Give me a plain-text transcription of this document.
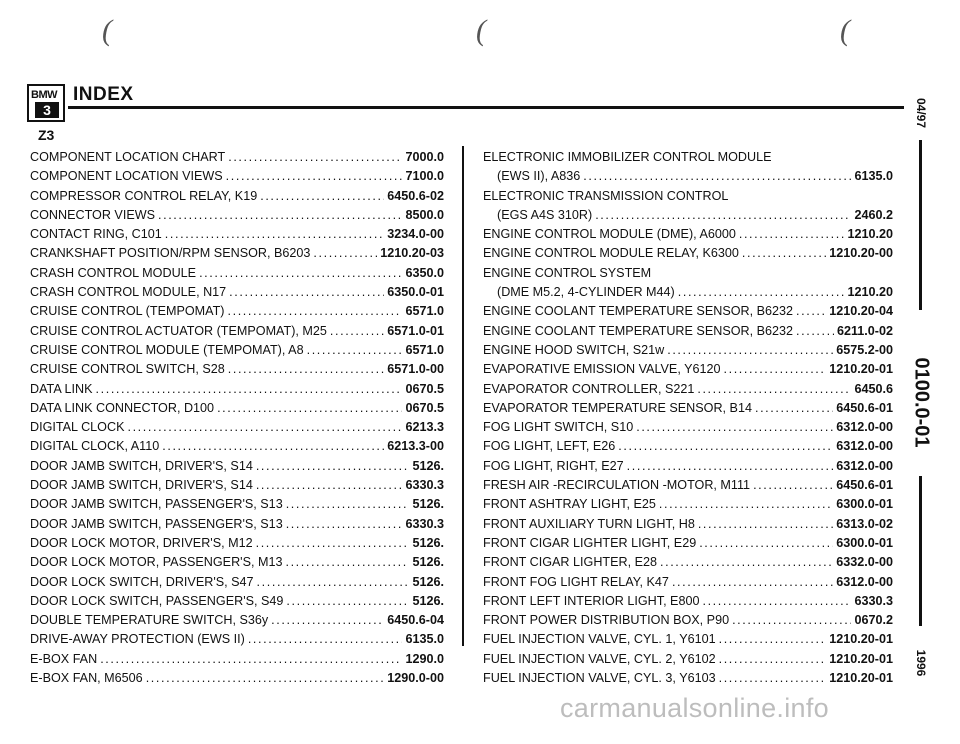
(	(	(
BMW
3
INDEX
Z3
COMPONENT LOCATION CHART .....	7000.0
COMPONENT LOCATION VIEWS .....	7100.0
COMPRESSOR CONTROL RELAY, K19 .....	6450.6-02
CONNECTOR VIEWS .....	8500.0
CONTACT RING, C101 .....	3234.0-00
CRANKSHAFT POSITION/RPM SENSOR, B6203 .....	1210.20-03
CRASH CONTROL MODULE .....	6350.0
CRASH CONTROL MODULE, N17 .....	6350.0-01
CRUISE CONTROL (TEMPOMAT) .....	6571.0
CRUISE CONTROL ACTUATOR (TEMPOMAT), M25 .....	6571.0-01
CRUISE CONTROL MODULE (TEMPOMAT), A8 .....	6571.0
CRUISE CONTROL SWITCH, S28 .....	6571.0-00
DATA LINK .....	0670.5
DATA LINK CONNECTOR, D100 .....	0670.5
DIGITAL CLOCK .....	6213.3
DIGITAL CLOCK, A110 .....	6213.3-00
DOOR JAMB SWITCH, DRIVER'S, S14 .....	5126.
DOOR JAMB SWITCH, DRIVER'S, S14 .....	6330.3
DOOR JAMB SWITCH, PASSENGER'S, S13 .....	5126.
DOOR JAMB SWITCH, PASSENGER'S, S13 .....	6330.3
DOOR LOCK MOTOR, DRIVER'S, M12 .....	5126.
DOOR LOCK MOTOR, PASSENGER'S, M13 .....	5126.
DOOR LOCK SWITCH, DRIVER'S, S47 .....	5126.
DOOR LOCK SWITCH, PASSENGER'S, S49 .....	5126.
DOUBLE TEMPERATURE SWITCH, S36y .....	6450.6-04
DRIVE-AWAY PROTECTION (EWS II) .....	6135.0
E-BOX FAN .....	1290.0
E-BOX FAN, M6506 .....	1290.0-00
ELECTRONIC IMMOBILIZER CONTROL MODULE
(EWS II), A836 .....	6135.0
ELECTRONIC TRANSMISSION CONTROL
(EGS A4S 310R) .....	2460.2
ENGINE CONTROL MODULE (DME), A6000 .....	1210.20
ENGINE CONTROL MODULE RELAY, K6300 .....	1210.20-00
ENGINE CONTROL SYSTEM
(DME M5.2, 4-CYLINDER M44) .....	1210.20
ENGINE COOLANT TEMPERATURE SENSOR, B6232 .....	1210.20-04
ENGINE COOLANT TEMPERATURE SENSOR, B6232 .....	6211.0-02
ENGINE HOOD SWITCH, S21w .....	6575.2-00
EVAPORATIVE EMISSION VALVE, Y6120 .....	1210.20-01
EVAPORATOR CONTROLLER, S221 .....	6450.6
EVAPORATOR TEMPERATURE SENSOR, B14 .....	6450.6-01
FOG LIGHT SWITCH, S10 .....	6312.0-00
FOG LIGHT, LEFT, E26 .....	6312.0-00
FOG LIGHT, RIGHT, E27 .....	6312.0-00
FRESH AIR -RECIRCULATION -MOTOR, M111 .....	6450.6-01
FRONT ASHTRAY LIGHT, E25 .....	6300.0-01
FRONT AUXILIARY TURN LIGHT, H8 .....	6313.0-02
FRONT CIGAR LIGHTER LIGHT, E29 .....	6300.0-01
FRONT CIGAR LIGHTER, E28 .....	6332.0-00
FRONT FOG LIGHT RELAY, K47 .....	6312.0-00
FRONT LEFT INTERIOR LIGHT, E800 .....	6330.3
FRONT POWER DISTRIBUTION BOX, P90 .....	0670.2
FUEL INJECTION VALVE, CYL. 1, Y6101 .....	1210.20-01
FUEL INJECTION VALVE, CYL. 2, Y6102 .....	1210.20-01
FUEL INJECTION VALVE, CYL. 3, Y6103 .....	1210.20-01
04/97
0100.0-01
1996
carmanualsonline.info
